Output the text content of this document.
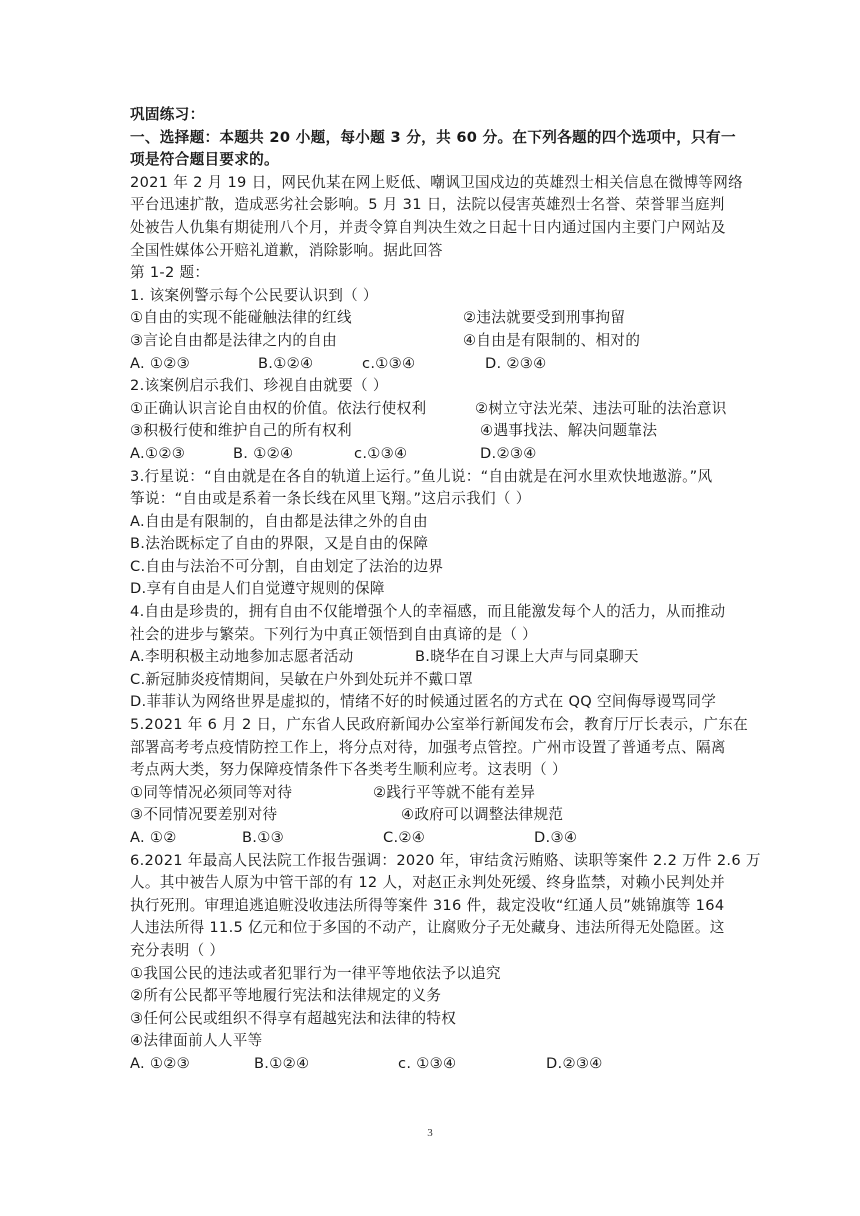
巩固练习：
一、选择题：本题共 20 小题，每小题 3 分，共 60 分。在下列各题的四个选项中，只有一
项是符合题目要求的。
2021 年 2 月 19 日，网民仇某在网上贬低、嘲讽卫国戍边的英雄烈士相关信息在微博等网络
平台迅速扩散，造成恶劣社会影响。5 月 31 日，法院以侵害英雄烈士名誉、荣誉罪当庭判
处被告人仇集有期徒刑八个月，并责令算自判决生效之日起十日内通过国内主要门户网站及
全国性媒体公开赔礼道歉，消除影响。据此回答
第 1-2 题：
1. 该案例警示每个公民要认识到（ ）
①自由的实现不能碰触法律的红线	②违法就要受到刑事拘留
③言论自由都是法律之内的自由	④自由是有限制的、相对的
A. ①②③	B.①②④	c.①③④	D. ②③④
2.该案例启示我们、珍视自由就要（ ）
①正确认识言论自由权的价值。依法行使权利	②树立守法光荣、违法可耻的法治意识
③积极行使和维护自己的所有权利	④遇事找法、解决问题靠法
A.①②③	B. ①②④	c.①③④	D.②③④
3.行星说：“自由就是在各自的轨道上运行。”鱼儿说：“自由就是在河水里欢快地遨游。”风
筝说：“自由或是系着一条长线在风里飞翔。”这启示我们（ ）
A.自由是有限制的，自由都是法律之外的自由
B.法治既标定了自由的界限，又是自由的保障
C.自由与法治不可分割，自由划定了法治的边界
D.享有自由是人们自觉遵守规则的保障
4.自由是珍贵的，拥有自由不仅能增强个人的幸福感，而且能激发每个人的活力，从而推动
社会的进步与繁荣。下列行为中真正领悟到自由真谛的是（ ）
A.李明积极主动地参加志愿者活动	B.晓华在自习课上大声与同桌聊天
C.新冠肺炎疫情期间，吴敏在户外到处玩并不戴口罩
D.菲菲认为网络世界是虚拟的，情绪不好的时候通过匿名的方式在 QQ 空间侮辱谩骂同学
5.2021 年 6 月 2 日，广东省人民政府新闻办公室举行新闻发布会，教育厅厅长表示，广东在
部署高考考点疫情防控工作上，将分点对待，加强考点管控。广州市设置了普通考点、隔离
考点两大类，努力保障疫情条件下各类考生顺利应考。这表明（ ）
①同等情况必须同等对待	②践行平等就不能有差异
③不同情况要差别对待	④政府可以调整法律规范
A. ①②	B.①③	C.②④	D.③④
6.2021 年最高人民法院工作报告强调：2020 年，审结贪污贿赂、读职等案件 2.2 万件 2.6 万
人。其中被告人原为中管干部的有 12 人，对赵正永判处死缓、终身监禁，对赖小民判处并
执行死刑。审理追逃追赃没收违法所得等案件 316 件，裁定没收“红通人员”姚锦旗等 164
人违法所得 11.5 亿元和位于多国的不动产，让腐败分子无处藏身、违法所得无处隐匿。这
充分表明（ ）
①我国公民的违法或者犯罪行为一律平等地依法予以追究
②所有公民都平等地履行宪法和法律规定的义务
③任何公民或组织不得享有超越宪法和法律的特权
④法律面前人人平等
A. ①②③	B.①②④	c. ①③④	D.②③④
3
